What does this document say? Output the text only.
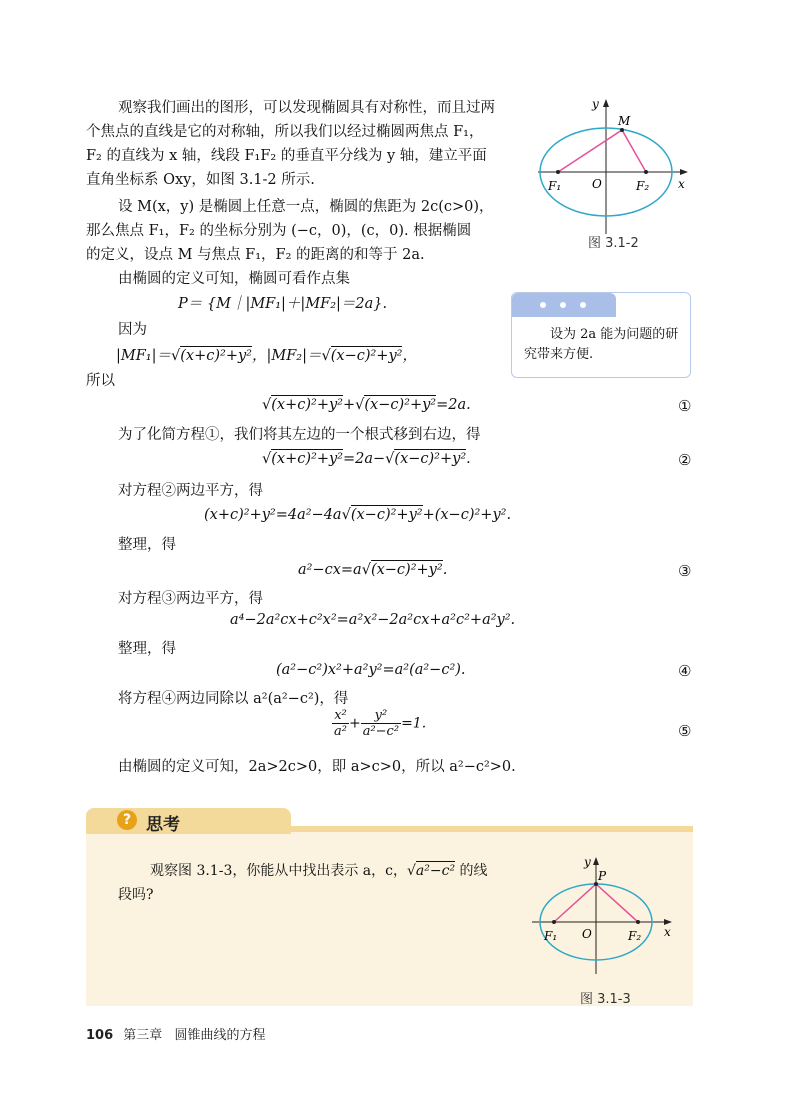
观察我们画出的图形，可以发现椭圆具有对称性，而且过两
个焦点的直线是它的对称轴，所以我们以经过椭圆两焦点 F₁，
F₂ 的直线为 x 轴，线段 F₁F₂ 的垂直平分线为 y 轴，建立平面
直角坐标系 Oxy，如图 3.1-2 所示.
设 M(x，y) 是椭圆上任意一点，椭圆的焦距为 2c(c>0)，
那么焦点 F₁，F₂ 的坐标分别为 (−c，0)，(c，0). 根据椭圆
的定义，设点 M 与焦点 F₁，F₂ 的距离的和等于 2a.
由椭圆的定义可知，椭圆可看作点集
P＝ {M｜|MF₁|＋|MF₂|＝2a}.
因为
|MF₁|＝√(x+c)²+y²，|MF₂|＝√(x−c)²+y²，
所以
√(x+c)²+y²+√(x−c)²+y²=2a.	①
为了化简方程①，我们将其左边的一个根式移到右边，得
√(x+c)²+y²=2a−√(x−c)²+y².	②
对方程②两边平方，得
(x+c)²+y²=4a²−4a√(x−c)²+y²+(x−c)²+y².
整理，得
a²−cx=a√(x−c)²+y².	③
对方程③两边平方，得
a⁴−2a²cx+c²x²=a²x²−2a²cx+a²c²+a²y².
整理，得
(a²−c²)x²+a²y²=a²(a²−c²).	④
将方程④两边同除以 a²(a²−c²)，得
$\frac{\text{x²}}{\text{a²}} + \frac{\text{y²}}{\text{a²−c²}} =1$.	⑤
由椭圆的定义可知，2a>2c>0，即 a>c>0，所以 a²−c²>0.
x
y
O
F₁	F₂
M
图 3.1-2
设为 2a 能为问题的研究带来方便.
? 思考
观察图 3.1-3，你能从中找出表示 a，c，√a²−c² 的线
段吗?
x
y
O
F₁	F₂
P
图 3.1-3
106 第三章 圆锥曲线的方程
